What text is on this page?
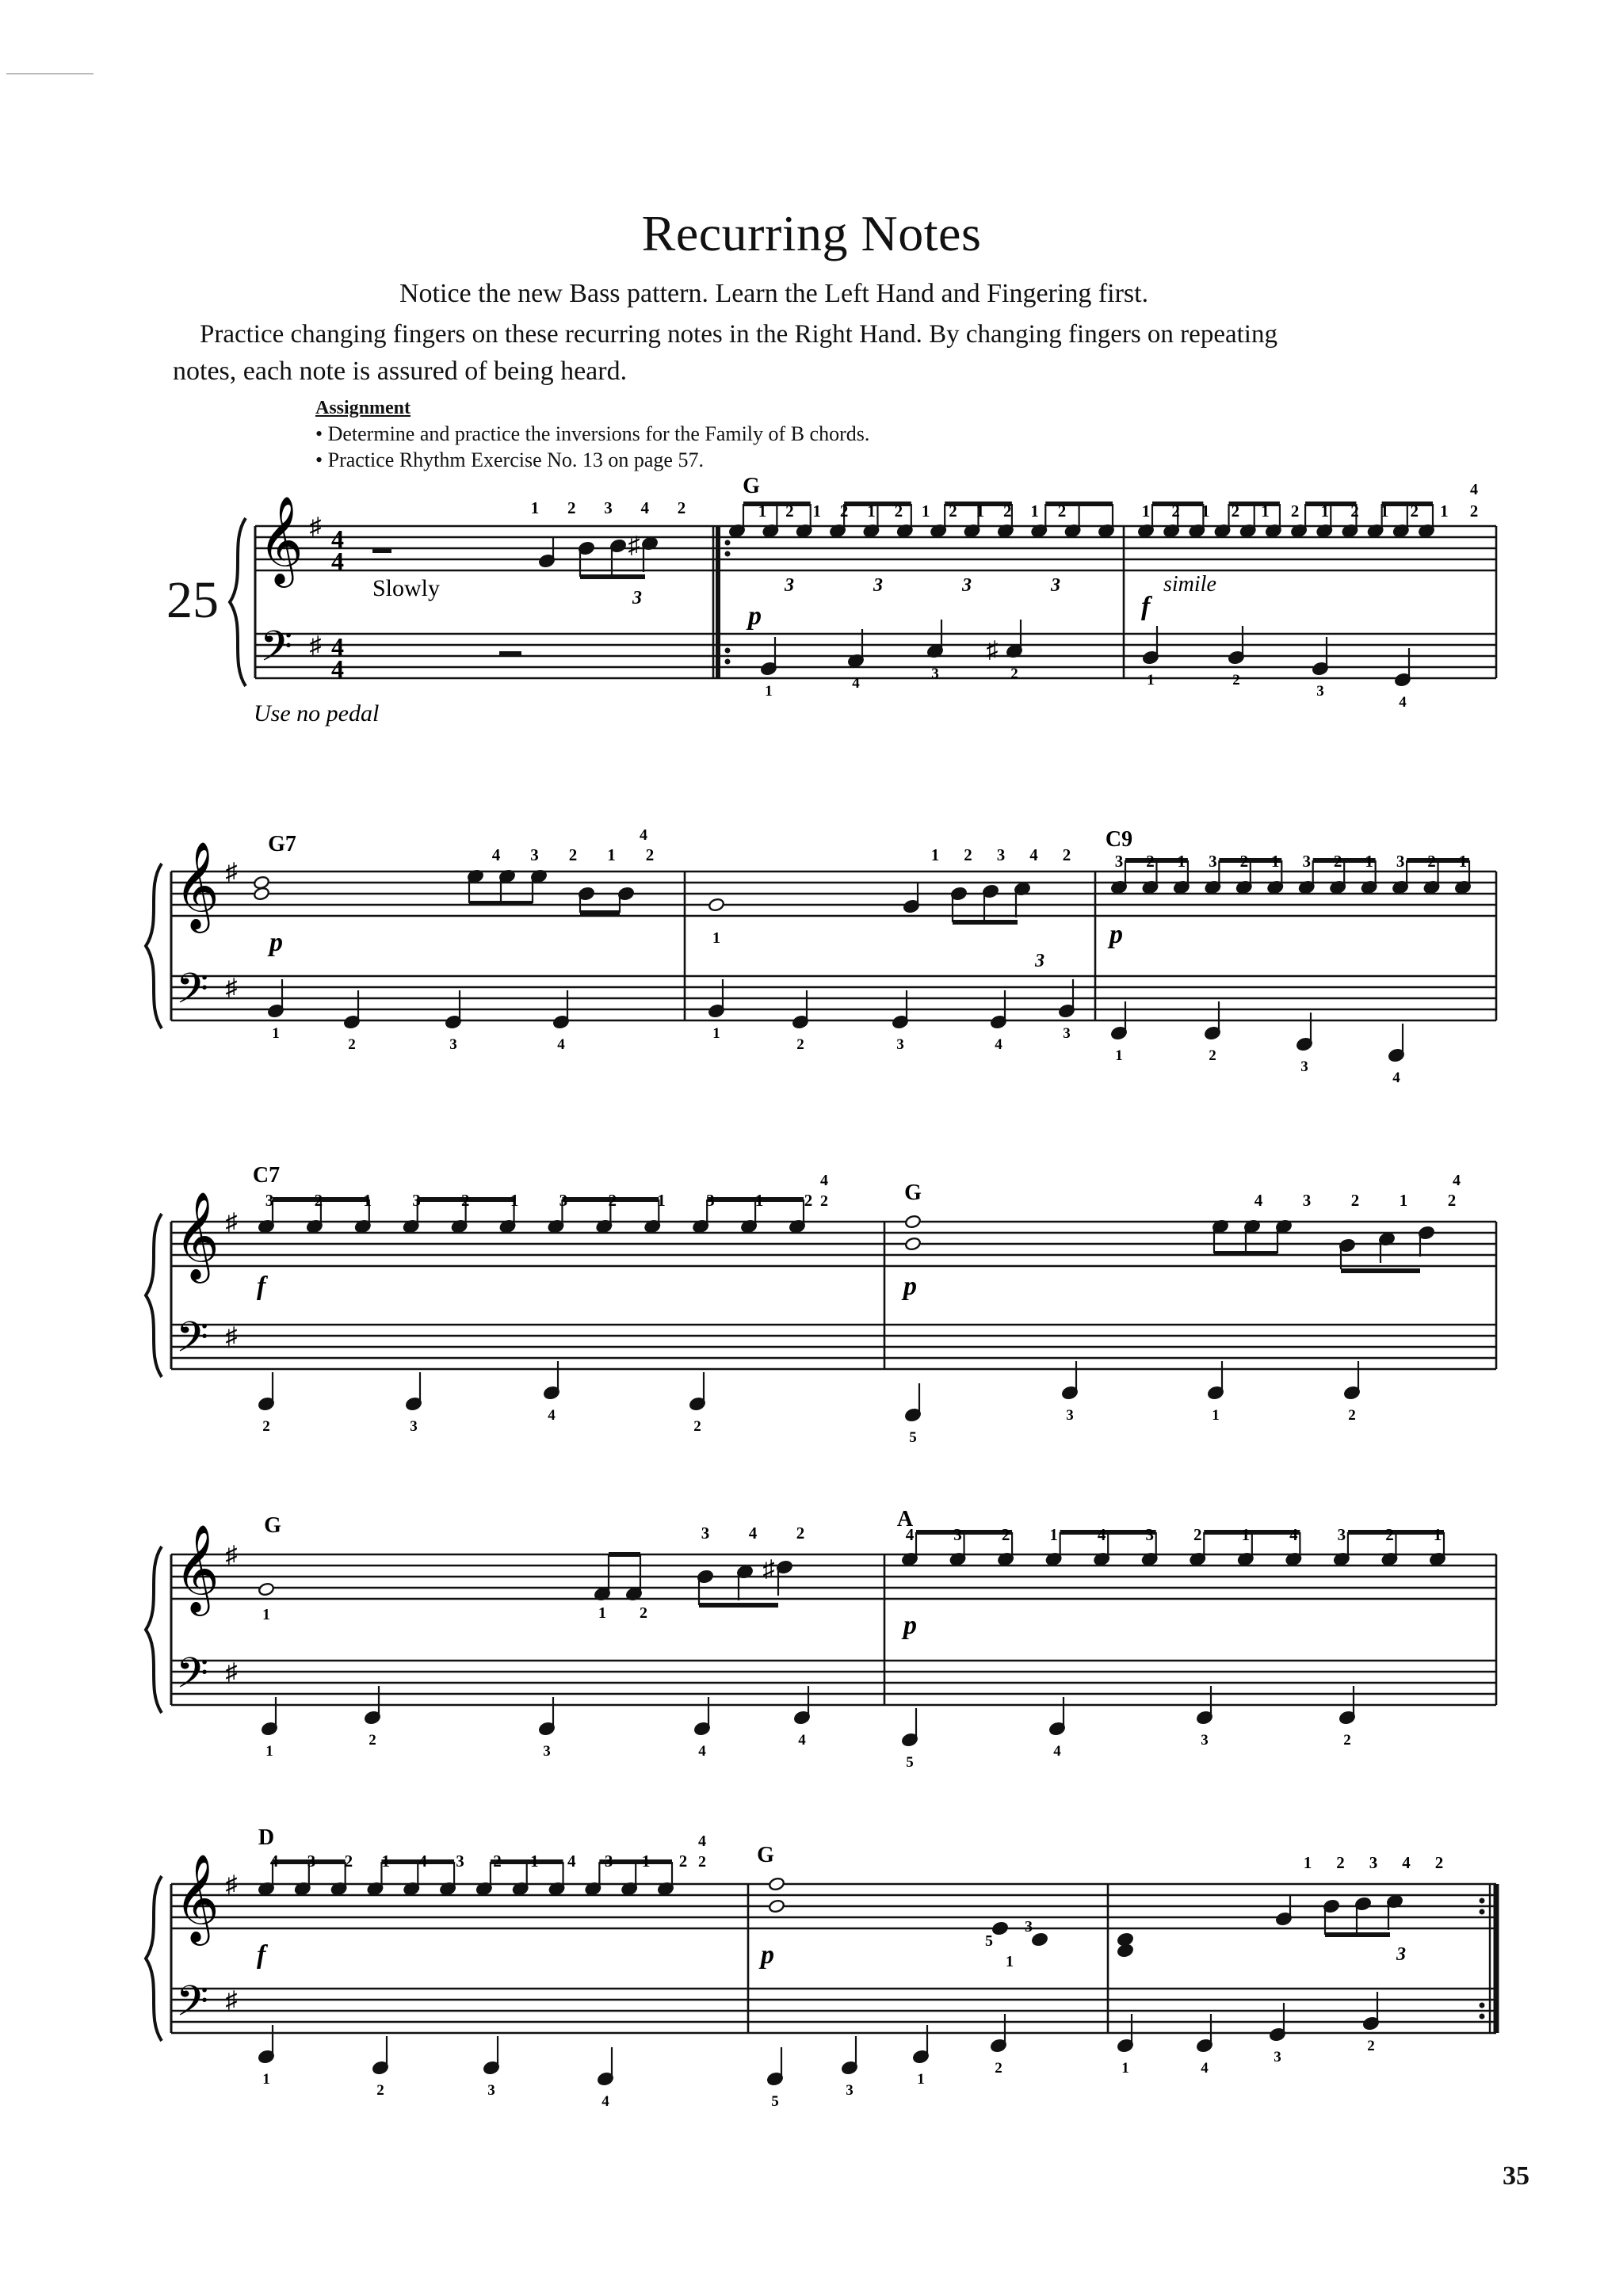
Recurring Notes
Notice the new Bass pattern. Learn the Left Hand and Fingering first.
Practice changing fingers on these recurring notes in the Right Hand. By changing fingers on repeating
notes, each note is assured of being heard.
Assignment
• Determine and practice the inversions for the Family of B chords.
• Practice Rhythm Exercise No. 13 on page 57.
25
𝄞
𝄢
♯
♯
4
4
4
4
♯
1 2 3 4 2
3
Slowly
G
1 2 1 2 1 2 1 2 1 2 1 2
3	3	3	3
p
1	4
3	2
♯
1 2 1 2 1 2 1 2 1 2 1 2
4
f
simile
1	2
3
4
Use no pedal
𝄞
𝄢
♯
♯
G7	4 3 2 1 2
4
p
1
2	3	4
1
1 2 3 4 2
1
2	3	4
3
3
C9
3 2 1 3 2 1 3 2 1 3 2 1
p
1	2
3
4
𝄞
𝄢
♯
♯
C7
3 2 1 3 2 1 3 2 1 3 1 2
4
2
f
2	3
4
2
G	4 3 2 1 2
4
p
5
3	1	2
𝄞
𝄢
♯
♯
G
1
♯
3 4 2
1 2
1
2
3	4
4
A
4 3 2 1 4 3 2 1 4 3 2 1
p
5
4
3	2
𝄞
𝄢
♯
♯
D
4 3 2 1 4 3 2 1 4 3 1 2
4
2
f
1
2	3
4
G
5
3
1
p
5
3
1
2
1 2 3 4 2
3
1	4
3
2
35
